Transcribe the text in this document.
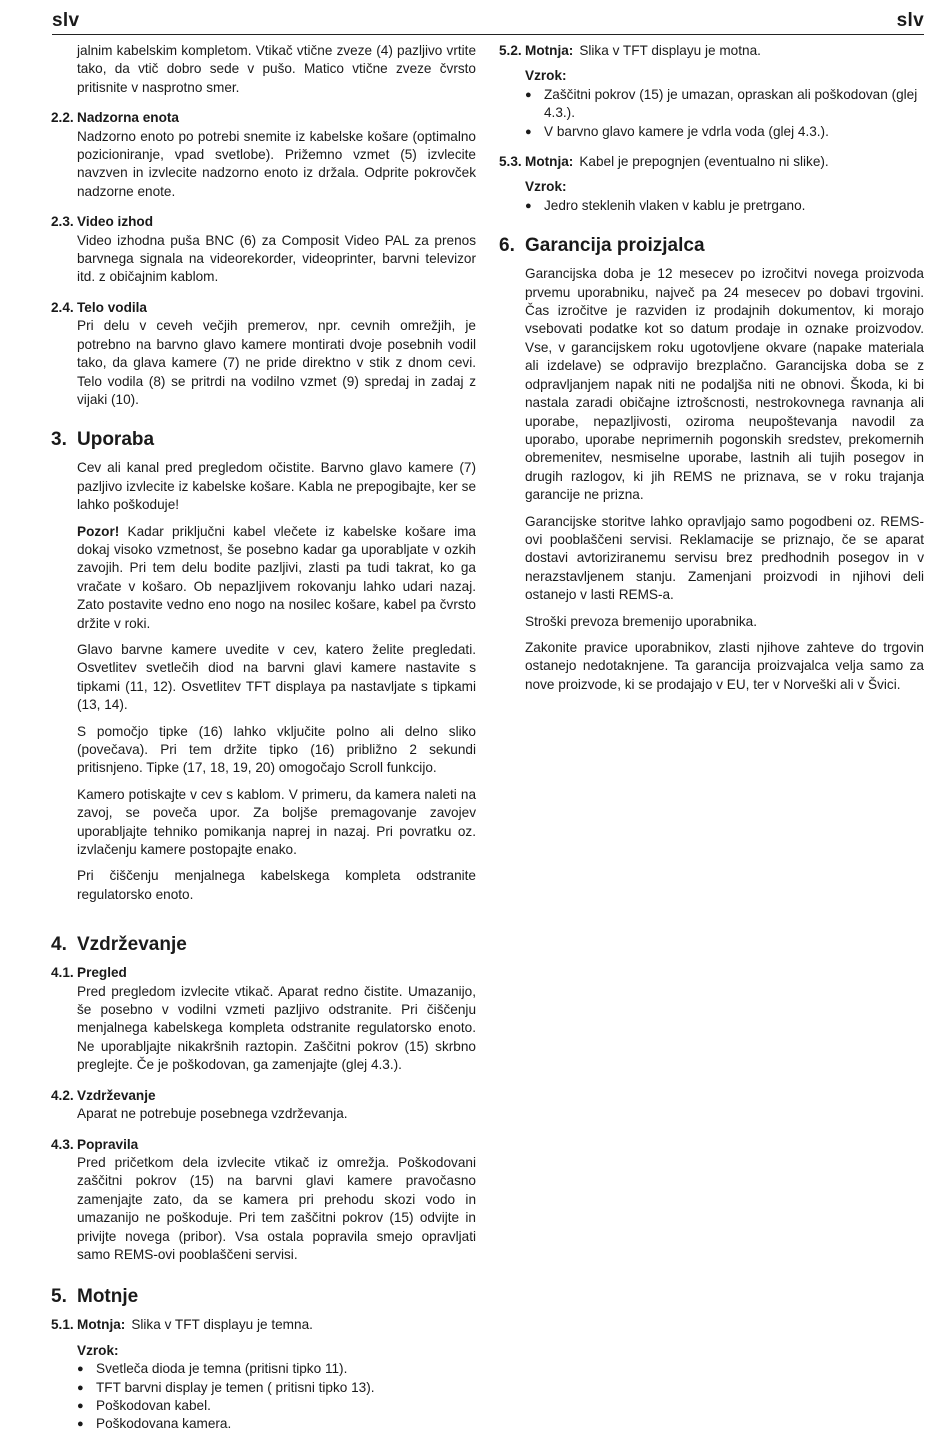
slv	slv

jalnim kabelskim kompletom. Vtikač vtične zveze (4) pazljivo vrtite tako, da vtič dobro sede v pušo. Matico vtične zveze čvrsto pritisnite v nasprotno smer.

2.2. Nadzorna enota

Nadzorno enoto po potrebi snemite iz kabelske košare (optimalno pozicioniranje, vpad svetlobe). Prižemno vzmet (5) izvlecite navzven in izvlecite nadzorno enoto iz držala. Odprite pokrovček nadzorne enote.

2.3. Video izhod

Video izhodna puša BNC (6) za Composit Video PAL za prenos barvnega signala na videorekorder, videoprinter, barvni televizor itd. z običajnim kablom.

2.4. Telo vodila

Pri delu v ceveh večjih premerov, npr. cevnih omrežjih, je potrebno na barvno glavo kamere montirati dvoje posebnih vodil tako, da glava kamere (7) ne pride direktno v stik z dnom cevi. Telo vodila (8) se pritrdi na vodilno vzmet (9) spredaj in zadaj z vijaki (10).

3. Uporaba

Cev ali kanal pred pregledom očistite. Barvno glavo kamere (7) pazljivo izvlecite iz kabelske košare. Kabla ne prepogibajte, ker se lahko poškoduje!

Pozor! Kadar priključni kabel vlečete iz kabelske košare ima dokaj visoko vzmetnost, še posebno kadar ga uporabljate v ozkih zavojih. Pri tem delu bodite pazljivi, zlasti pa tudi takrat, ko ga vračate v košaro. Ob nepazljivem rokovanju lahko udari nazaj. Zato postavite vedno eno nogo na nosilec košare, kabel pa čvrsto držite v roki.

Glavo barvne kamere uvedite v cev, katero želite pregledati. Osvetlitev svetlečih diod na barvni glavi kamere nastavite s tipkami (11, 12). Osvetlitev TFT displaya pa nastavljate s tipkami (13, 14).

S pomočjo tipke (16) lahko vključite polno ali delno sliko (povečava). Pri tem držite tipko (16) približno 2 sekundi pritisnjeno. Tipke (17, 18, 19, 20) omogočajo Scroll funkcijo.

Kamero potiskajte v cev s kablom. V primeru, da kamera naleti na zavoj, se poveča upor. Za boljše premagovanje zavojev uporabljajte tehniko pomikanja naprej in nazaj. Pri povratku oz. izvlačenju kamere postopajte enako.

Pri čiščenju menjalnega kabelskega kompleta odstranite regulatorsko enoto.

4. Vzdrževanje
4.1. Pregled

Pred pregledom izvlecite vtikač. Aparat redno čistite. Umazanijo, še posebno v vodilni vzmeti pazljivo odstranite. Pri čiščenju menjalnega kabelskega kompleta odstranite regulatorsko enoto. Ne uporabljajte nikakršnih raztopin. Zaščitni pokrov (15) skrbno preglejte. Če je poškodovan, ga zamenjajte (glej 4.3.).

4.2. Vzdrževanje

Aparat ne potrebuje posebnega vzdrževanja.

4.3. Popravila

Pred pričetkom dela izvlecite vtikač iz omrežja. Poškodovani zaščitni pokrov (15) na barvni glavi kamere pravočasno zamenjajte zato, da se kamera pri prehodu skozi vodo in umazanijo ne poškoduje. Pri tem zaščitni pokrov (15) odvijte in privijte novega (pribor). Vsa ostala popravila smejo opravljati samo REMS-ovi pooblaščeni servisi.

5. Motnje
5.1. Motnja: Slika v TFT displayu je temna.
Vzrok:
● Svetleča dioda je temna (pritisni tipko 11).
● TFT barvni display je temen ( pritisni tipko 13).
● Poškodovan kabel.
● Poškodovana kamera.
5.2. Motnja: Slika v TFT displayu je motna.
Vzrok:
● Zaščitni pokrov (15) je umazan, opraskan ali poškodovan (glej 4.3.).
● V barvno glavo kamere je vdrla voda (glej 4.3.).
5.3. Motnja: Kabel je prepognjen (eventualno ni slike).
Vzrok:
● Jedro steklenih vlaken v kablu je pretrgano.
6. Garancija proizjalca

Garancijska doba je 12 mesecev po izročitvi novega proizvoda prvemu uporabniku, največ pa 24 mesecev po dobavi trgovini. Čas izročitve je razviden iz prodajnih dokumentov, ki morajo vsebovati podatke kot so datum prodaje in oznake proizvodov. Vse, v garancijskem roku ugotovljene okvare (napake materiala ali izdelave) se odpravijo brezplačno. Garancijska doba se z odpravljanjem napak niti ne podaljša niti ne obnovi. Škoda, ki bi nastala zaradi običajne iztrošcnosti, nestrokovnega ravnanja ali uporabe, nepazljivosti, oziroma neupoštevanja navodil za uporabo, uporabe neprimernih pogonskih sredstev, prekomernih obremenitev, nesmiselne uporabe, lastnih ali tujih posegov in drugih razlogov, ki jih REMS ne priznava, se v roku trajanja garancije ne prizna.

Garancijske storitve lahko opravljajo samo pogodbeni oz. REMS-ovi pooblaščeni servisi. Reklamacije se priznajo, če se aparat dostavi avtoriziranemu servisu brez predhodnih posegov in v nerazstavljenem stanju. Zamenjani proizvodi in njihovi deli ostanejo v lasti REMS-a.

Stroški prevoza bremenijo uporabnika.

Zakonite pravice uporabnikov, zlasti njihove zahteve do trgovin ostanejo nedotaknjene. Ta garancija proizvajalca velja samo za nove proizvode, ki se prodajajo v EU, ter v Norveški ali v Švici.
